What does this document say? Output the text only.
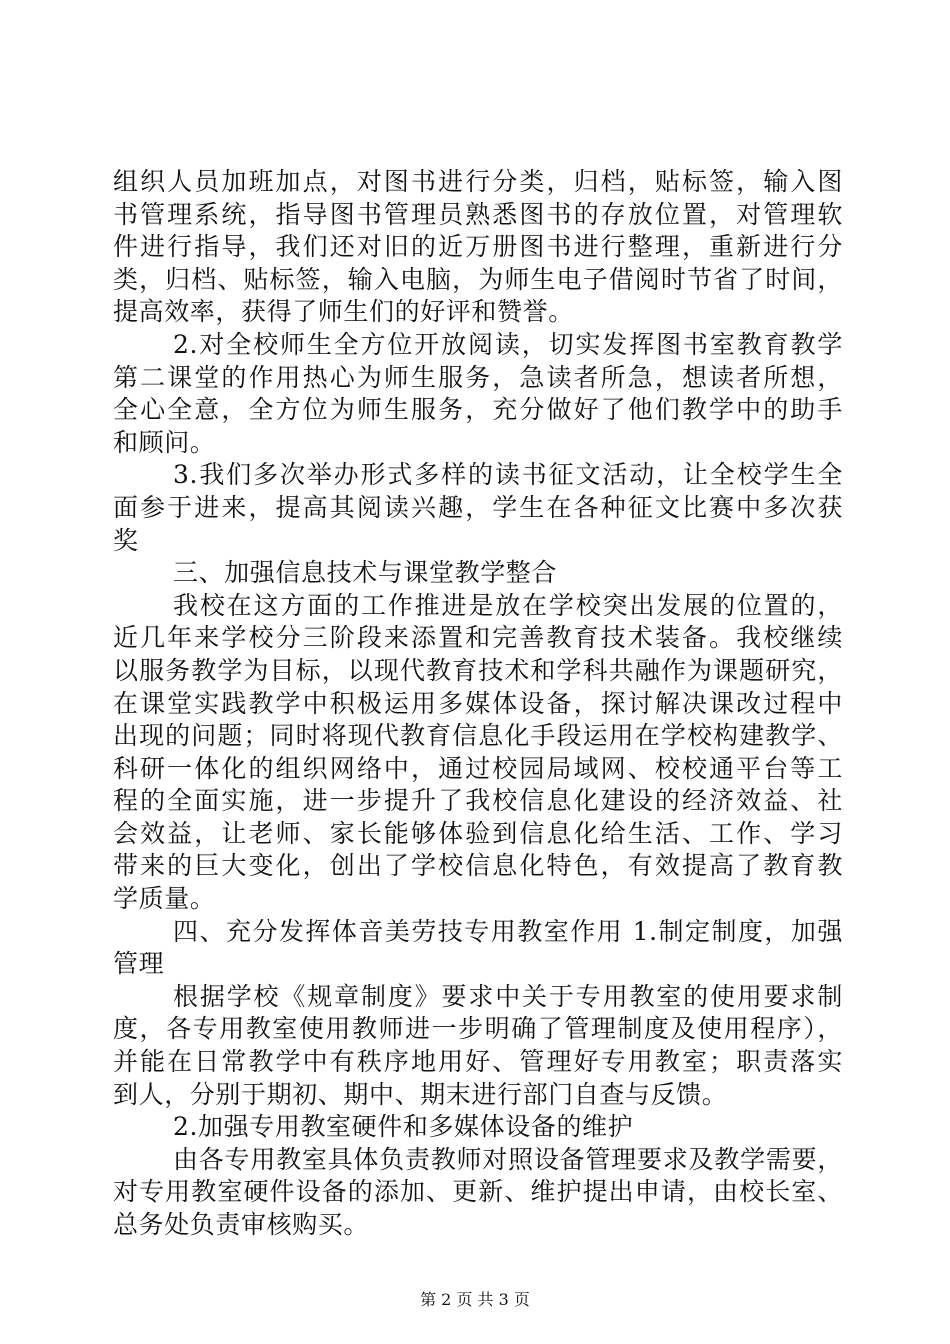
组织人员加班加点，对图书进行分类，归档，贴标签，输入图
书管理系统，指导图书管理员熟悉图书的存放位置，对管理软
件进行指导，我们还对旧的近万册图书进行整理，重新进行分
类，归档、贴标签，输入电脑，为师生电子借阅时节省了时间，
提高效率，获得了师生们的好评和赞誉。
2.对全校师生全方位开放阅读，切实发挥图书室教育教学
第二课堂的作用热心为师生服务，急读者所急，想读者所想，
全心全意，全方位为师生服务，充分做好了他们教学中的助手
和顾问。
3.我们多次举办形式多样的读书征文活动，让全校学生全
面参于进来，提高其阅读兴趣，学生在各种征文比赛中多次获
奖
三、加强信息技术与课堂教学整合
我校在这方面的工作推进是放在学校突出发展的位置的，
近几年来学校分三阶段来添置和完善教育技术装备。我校继续
以服务教学为目标，以现代教育技术和学科共融作为课题研究，
在课堂实践教学中积极运用多媒体设备，探讨解决课改过程中
出现的问题；同时将现代教育信息化手段运用在学校构建教学、
科研一体化的组织网络中，通过校园局域网、校校通平台等工
程的全面实施，进一步提升了我校信息化建设的经济效益、社
会效益，让老师、家长能够体验到信息化给生活、工作、学习
带来的巨大变化，创出了学校信息化特色，有效提高了教育教
学质量。
四、充分发挥体音美劳技专用教室作用 1.制定制度，加强
管理
根据学校《规章制度》要求中关于专用教室的使用要求制
度，各专用教室使用教师进一步明确了管理制度及使用程序），
并能在日常教学中有秩序地用好、管理好专用教室；职责落实
到人，分别于期初、期中、期末进行部门自查与反馈。
2.加强专用教室硬件和多媒体设备的维护
由各专用教室具体负责教师对照设备管理要求及教学需要，
对专用教室硬件设备的添加、更新、维护提出申请，由校长室、
总务处负责审核购买。
第 2 页 共 3 页
